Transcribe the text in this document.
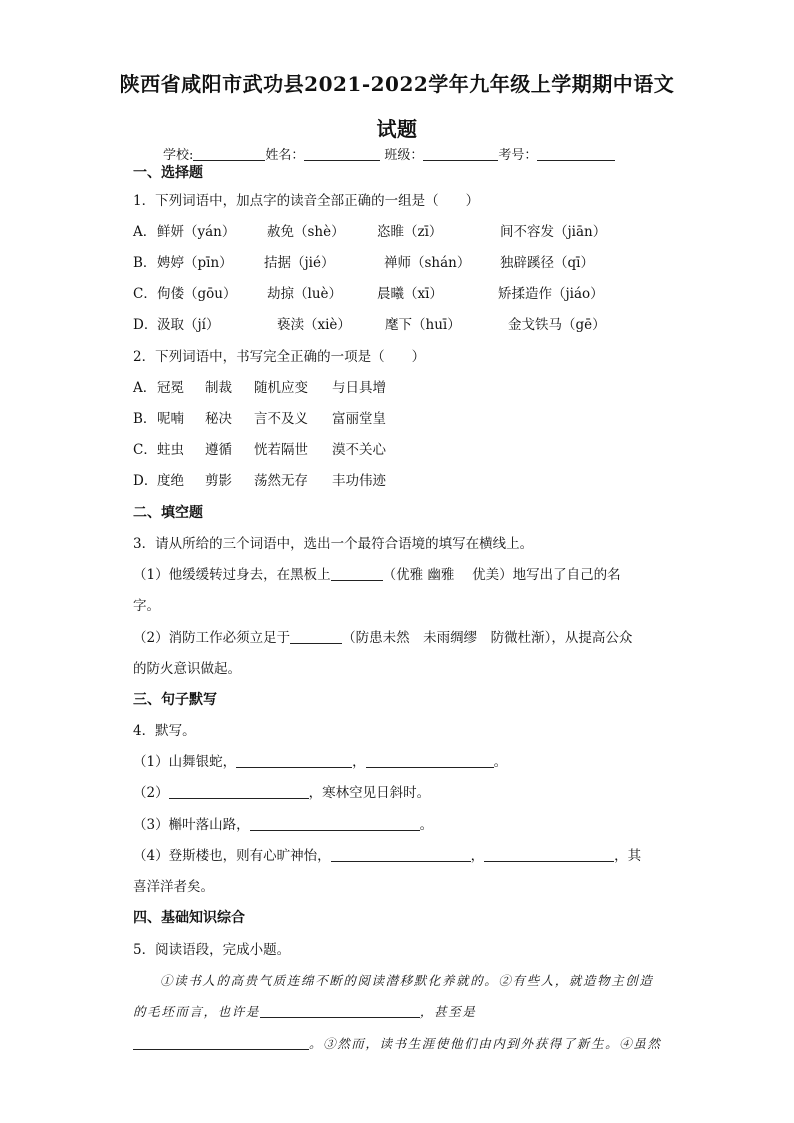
陕西省咸阳市武功县2021-2022学年九年级上学期期中语文
试题
学校:	姓名：	班级：	考号：
一、选择题
1．下列词语中，加点字的读音全部正确的一组是（　　）
A． 鲜妍（yán） 赦免（shè） 恣睢（zī）	间不容发（jiān）
B． 娉婷（pīn） 拮据（jié）	禅师（shán） 独辟蹊径（qī）
C． 佝偻（gōu） 劫掠（luè）	晨曦（xī）	矫揉造作（jiáo）
D． 汲取（jí）	亵渎（xiè）	麾下（huī）	金戈铁马（gē）
2．下列词语中，书写完全正确的一项是（　　）
A． 冠冕 制裁 随机应变 与日具增
B． 呢喃 秘决 言不及义 富丽堂皇
C． 蛀虫 遵循 恍若隔世 漠不关心
D． 度绝 剪影 荡然无存 丰功伟迹
二、填空题
3．请从所给的三个词语中，选出一个最符合语境的填写在横线上。
（1）他缓缓转过身去，在黑板上	（优雅 幽雅　 优美）地写出了自己的名
字。
（2）消防工作必须立足于	（防患未然　未雨绸缪　防微杜渐），从提高公众
的防火意识做起。
三、句子默写
4．默写。
（1）山舞银蛇，	，	。
（2）	，寒林空见日斜时。
（3）槲叶落山路，	。
（4）登斯楼也，则有心旷神怡，	，	，其
喜洋洋者矣。
四、基础知识综合
5．阅读语段，完成小题。
①读书人的高贵气质连绵不断的阅读潜移默化养就的。②有些人，就造物主创造
的毛坯而言，也许是	，甚至是
。③然而，读书生涯使他们由内到外获得了新生。④虽然
